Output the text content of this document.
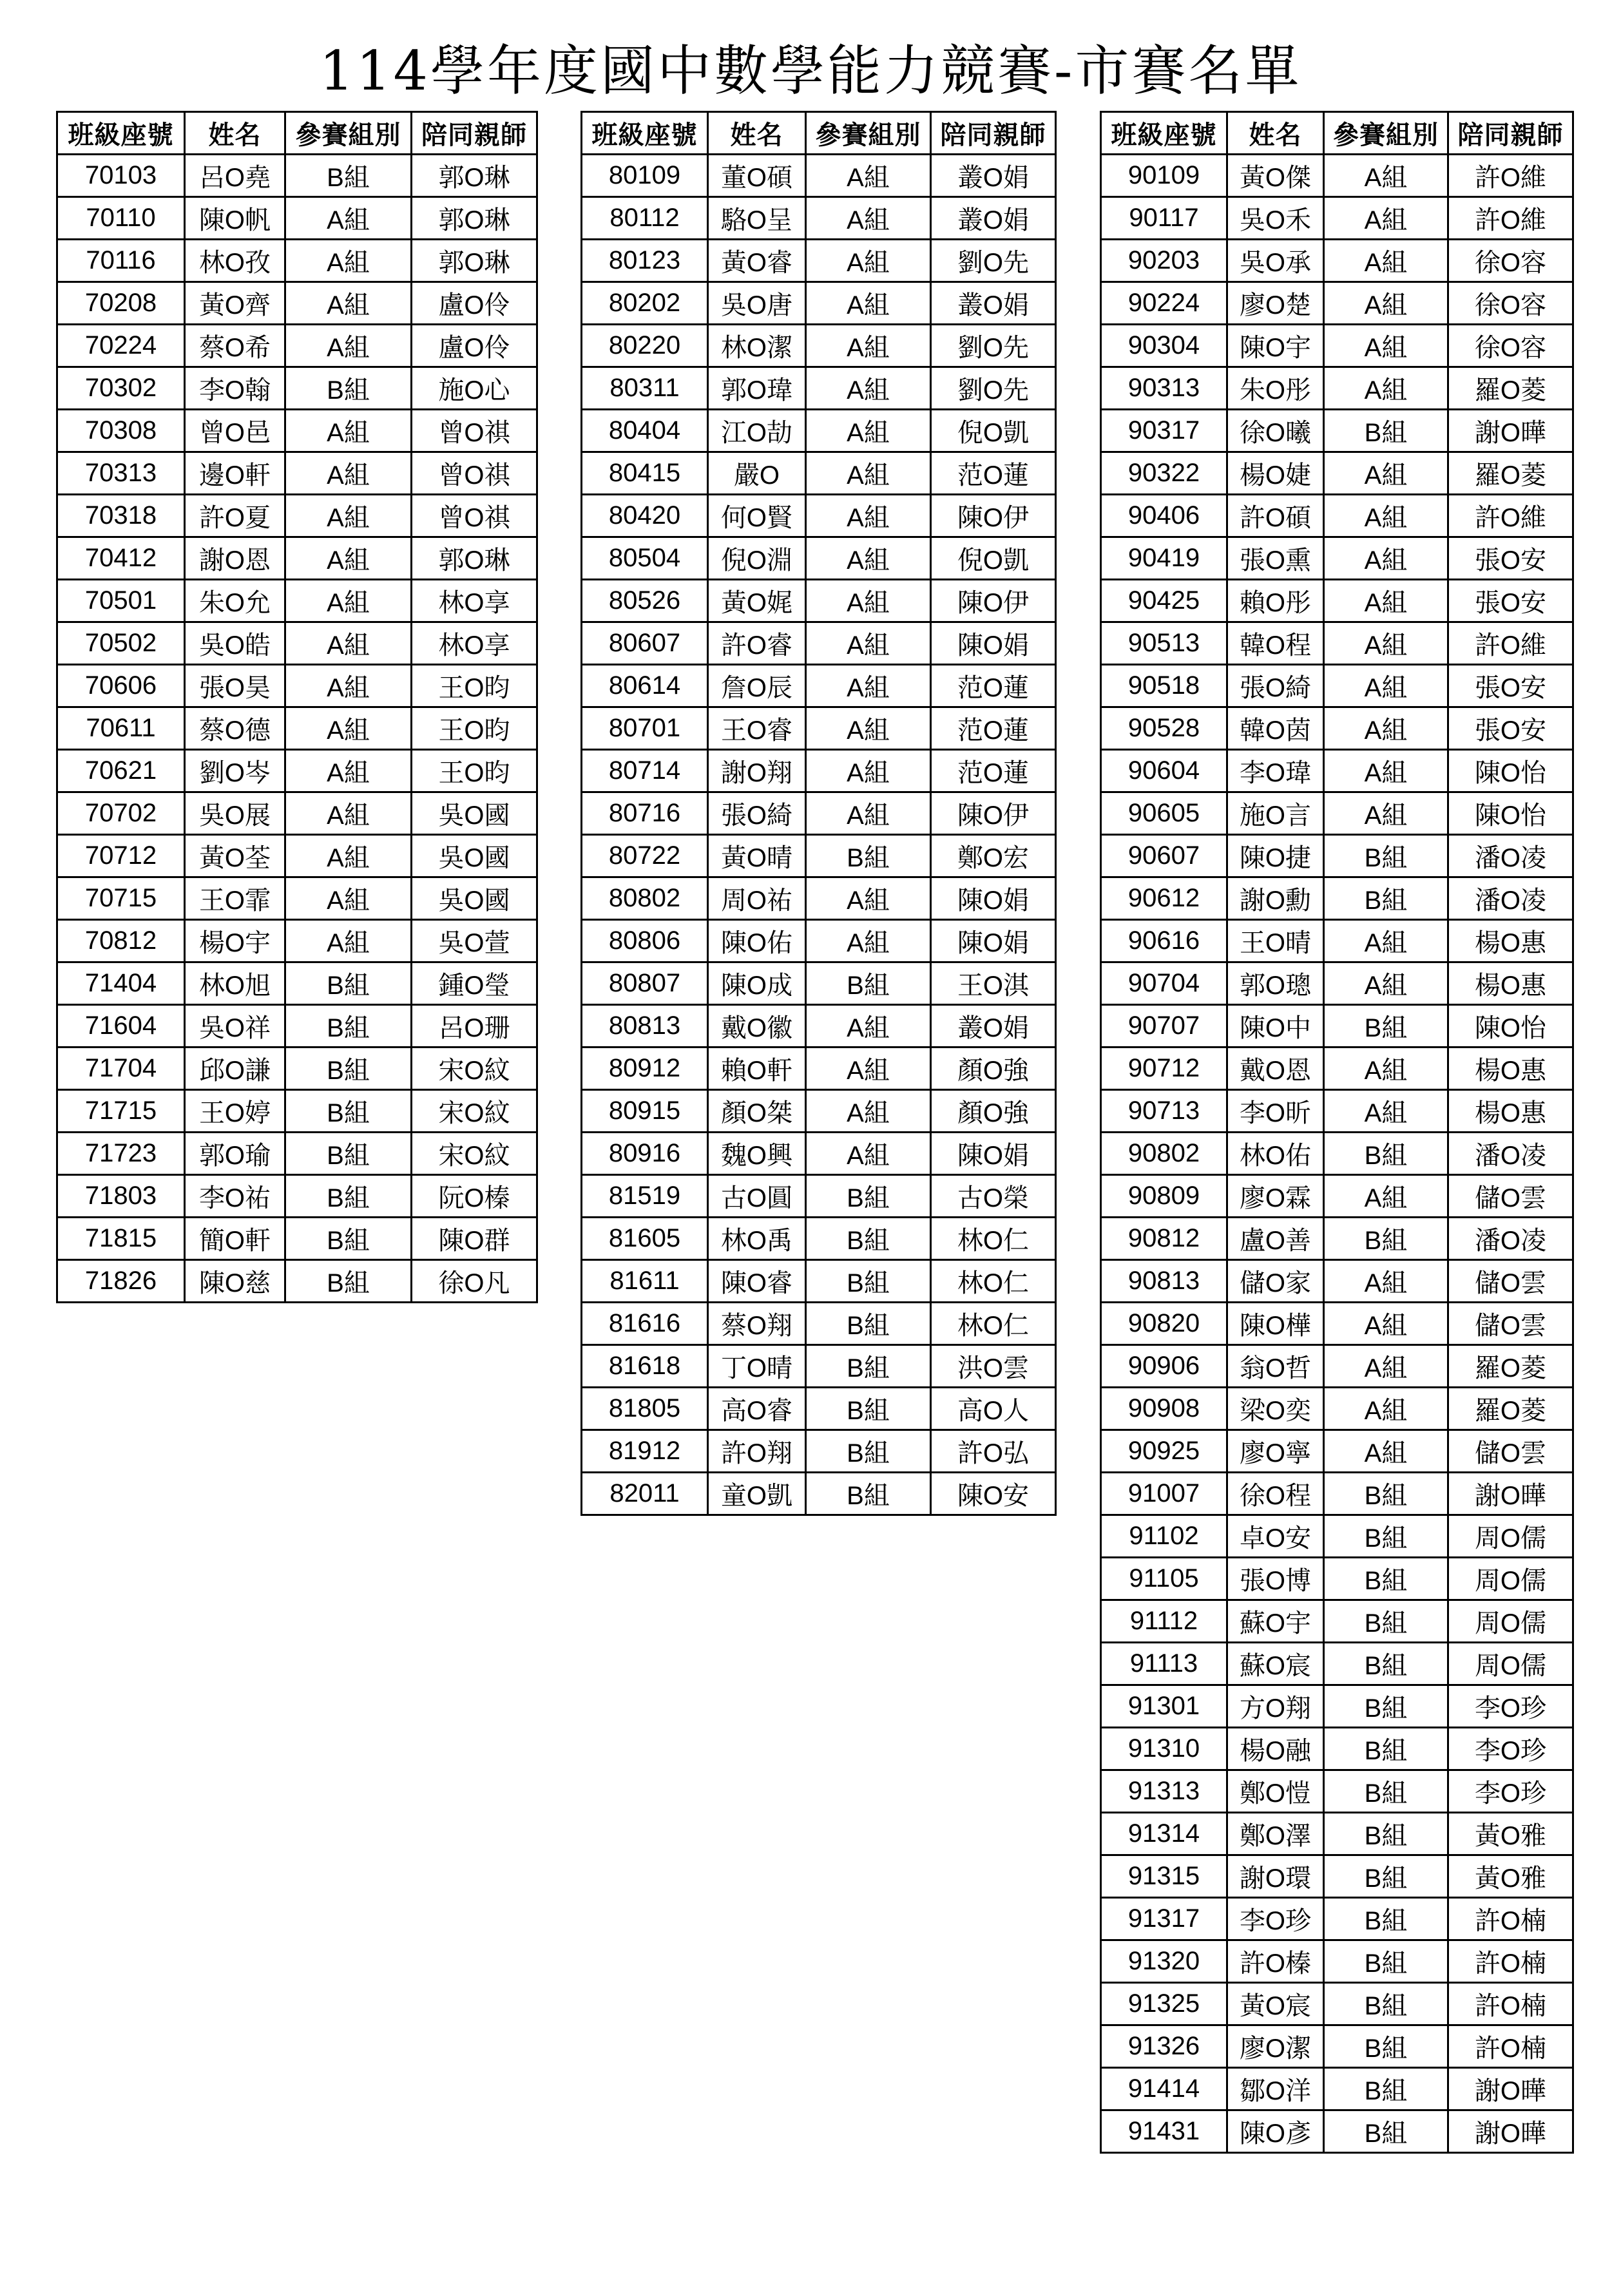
114學年度國中數學能力競賽-市賽名單
班級座號	姓名	參賽組別	陪同親師
70103	呂O堯	B組	郭O琳
70110	陳O帆	A組	郭O琳
70116	林O孜	A組	郭O琳
70208	黃O齊	A組	盧O伶
70224	蔡O希	A組	盧O伶
70302	李O翰	B組	施O心
70308	曾O邑	A組	曾O祺
70313	邊O軒	A組	曾O祺
70318	許O夏	A組	曾O祺
70412	謝O恩	A組	郭O琳
70501	朱O允	A組	林O享
70502	吳O皓	A組	林O享
70606	張O昊	A組	王O昀
70611	蔡O德	A組	王O昀
70621	劉O岑	A組	王O昀
70702	吳O展	A組	吳O國
70712	黃O荃	A組	吳O國
70715	王O霏	A組	吳O國
70812	楊O宇	A組	吳O萱
71404	林O旭	B組	鍾O瑩
71604	吳O祥	B組	呂O珊
71704	邱O謙	B組	宋O紋
71715	王O婷	B組	宋O紋
71723	郭O瑜	B組	宋O紋
71803	李O祐	B組	阮O榛
71815	簡O軒	B組	陳O群
71826	陳O慈	B組	徐O凡
班級座號	姓名	參賽組別	陪同親師
80109	董O碩	A組	叢O娟
80112	駱O呈	A組	叢O娟
80123	黃O睿	A組	劉O先
80202	吳O唐	A組	叢O娟
80220	林O潔	A組	劉O先
80311	郭O瑋	A組	劉O先
80404	江O劼	A組	倪O凱
80415	嚴O	A組	范O蓮
80420	何O賢	A組	陳O伊
80504	倪O淵	A組	倪O凱
80526	黃O娓	A組	陳O伊
80607	許O睿	A組	陳O娟
80614	詹O辰	A組	范O蓮
80701	王O睿	A組	范O蓮
80714	謝O翔	A組	范O蓮
80716	張O綺	A組	陳O伊
80722	黃O晴	B組	鄭O宏
80802	周O祐	A組	陳O娟
80806	陳O佑	A組	陳O娟
80807	陳O成	B組	王O淇
80813	戴O徽	A組	叢O娟
80912	賴O軒	A組	顏O強
80915	顏O桀	A組	顏O強
80916	魏O興	A組	陳O娟
81519	古O圓	B組	古O榮
81605	林O禹	B組	林O仁
81611	陳O睿	B組	林O仁
81616	蔡O翔	B組	林O仁
81618	丁O晴	B組	洪O雲
81805	高O睿	B組	高O人
81912	許O翔	B組	許O弘
82011	童O凱	B組	陳O安
班級座號	姓名	參賽組別	陪同親師
90109	黃O傑	A組	許O維
90117	吳O禾	A組	許O維
90203	吳O承	A組	徐O容
90224	廖O楚	A組	徐O容
90304	陳O宇	A組	徐O容
90313	朱O彤	A組	羅O菱
90317	徐O曦	B組	謝O曄
90322	楊O婕	A組	羅O菱
90406	許O碩	A組	許O維
90419	張O熏	A組	張O安
90425	賴O彤	A組	張O安
90513	韓O程	A組	許O維
90518	張O綺	A組	張O安
90528	韓O茵	A組	張O安
90604	李O瑋	A組	陳O怡
90605	施O言	A組	陳O怡
90607	陳O捷	B組	潘O凌
90612	謝O勳	B組	潘O凌
90616	王O晴	A組	楊O惠
90704	郭O璁	A組	楊O惠
90707	陳O中	B組	陳O怡
90712	戴O恩	A組	楊O惠
90713	李O昕	A組	楊O惠
90802	林O佑	B組	潘O凌
90809	廖O霖	A組	儲O雲
90812	盧O善	B組	潘O凌
90813	儲O家	A組	儲O雲
90820	陳O樺	A組	儲O雲
90906	翁O哲	A組	羅O菱
90908	梁O奕	A組	羅O菱
90925	廖O寧	A組	儲O雲
91007	徐O程	B組	謝O曄
91102	卓O安	B組	周O儒
91105	張O博	B組	周O儒
91112	蘇O宇	B組	周O儒
91113	蘇O宸	B組	周O儒
91301	方O翔	B組	李O珍
91310	楊O融	B組	李O珍
91313	鄭O愷	B組	李O珍
91314	鄭O澤	B組	黃O雅
91315	謝O環	B組	黃O雅
91317	李O珍	B組	許O楠
91320	許O榛	B組	許O楠
91325	黃O宸	B組	許O楠
91326	廖O潔	B組	許O楠
91414	鄒O洋	B組	謝O曄
91431	陳O彥	B組	謝O曄
